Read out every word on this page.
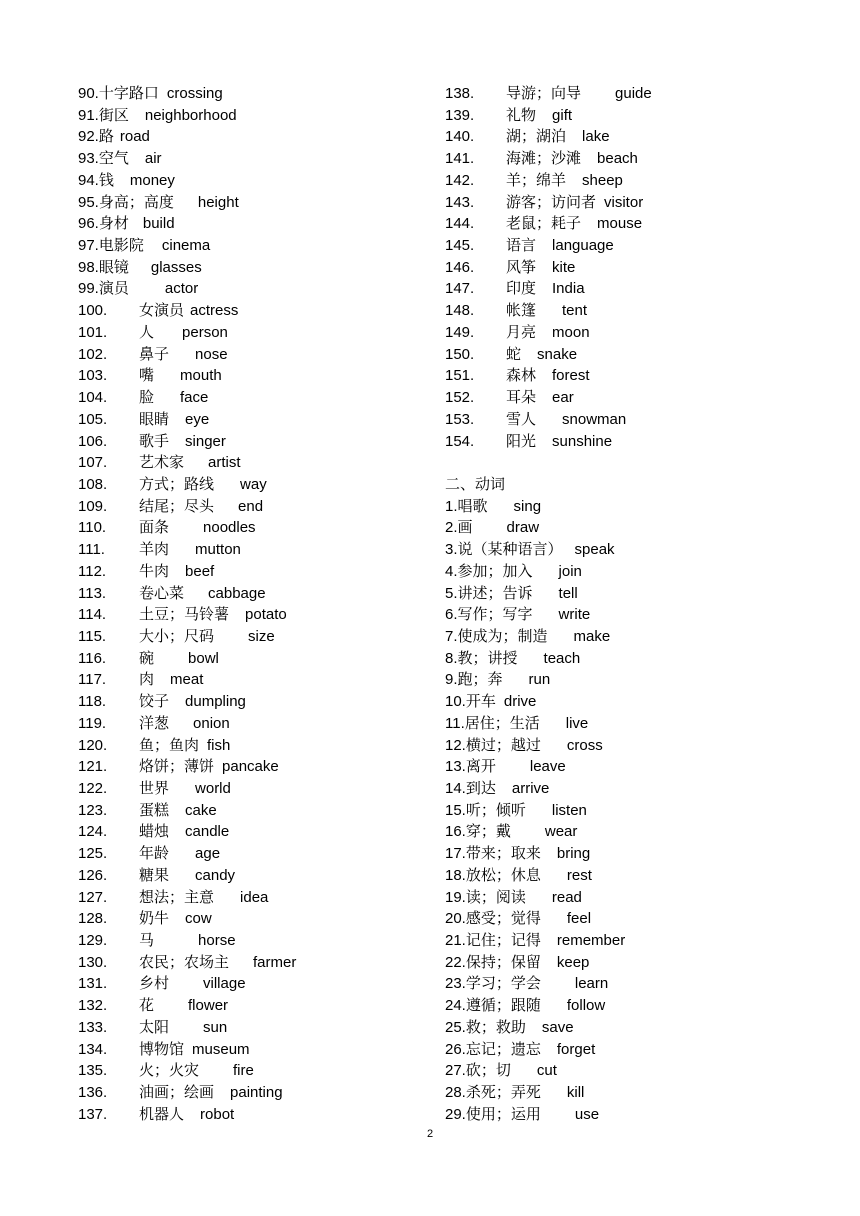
90.十字路口 crossing
91.街区 neighborhood
92.路 road
93.空气 air
94.钱 money
95.身高；高度 height
96.身材 build
97.电影院 cinema
98.眼镜 glasses
99.演员 actor
100. 女演员 actress
101. 人 person
102. 鼻子 nose
103. 嘴 mouth
104. 脸 face
105. 眼睛 eye
106. 歌手 singer
107. 艺术家 artist
108. 方式；路线 way
109. 结尾；尽头 end
110. 面条 noodles
111. 羊肉 mutton
112. 牛肉 beef
113. 卷心菜 cabbage
114. 土豆；马铃薯 potato
115. 大小；尺码 size
116. 碗 bowl
117. 肉 meat
118. 饺子 dumpling
119. 洋葱 onion
120. 鱼；鱼肉 fish
121. 烙饼；薄饼 pancake
122. 世界 world
123. 蛋糕 cake
124. 蜡烛 candle
125. 年龄 age
126. 糖果 candy
127. 想法；主意 idea
128. 奶牛 cow
129. 马	horse
130. 农民；农场主 farmer
131. 乡村 village
132. 花 flower
133. 太阳 sun
134. 博物馆 museum
135. 火；火灾 fire
136. 油画；绘画 painting
137. 机器人 robot
138. 导游；向导 guide
139. 礼物 gift
140. 湖；湖泊 lake
141. 海滩；沙滩 beach
142. 羊；绵羊 sheep
143. 游客；访问者 visitor
144. 老鼠；耗子 mouse
145. 语言 language
146. 风筝 kite
147. 印度 India
148. 帐篷 tent
149. 月亮 moon
150. 蛇 snake
151. 森林 forest
152. 耳朵 ear
153. 雪人 snowman
154. 阳光 sunshine
二、动词
1.唱歌 sing
2.画 draw
3.说（某种语言） speak
4.参加；加入 join
5.讲述；告诉 tell
6.写作；写字 write
7.使成为；制造 make
8.教；讲授 teach
9.跑；奔 run
10.开车 drive
11.居住；生活 live
12.横过；越过 cross
13.离开 leave
14.到达 arrive
15.听；倾听 listen
16.穿；戴 wear
17.带来；取来 bring
18.放松；休息 rest
19.读；阅读 read
20.感受；觉得 feel
21.记住；记得 remember
22.保持；保留 keep
23.学习；学会 learn
24.遵循；跟随 follow
25.救；救助 save
26.忘记；遗忘 forget
27.砍；切 cut
28.杀死；弄死 kill
29.使用；运用 use
2
